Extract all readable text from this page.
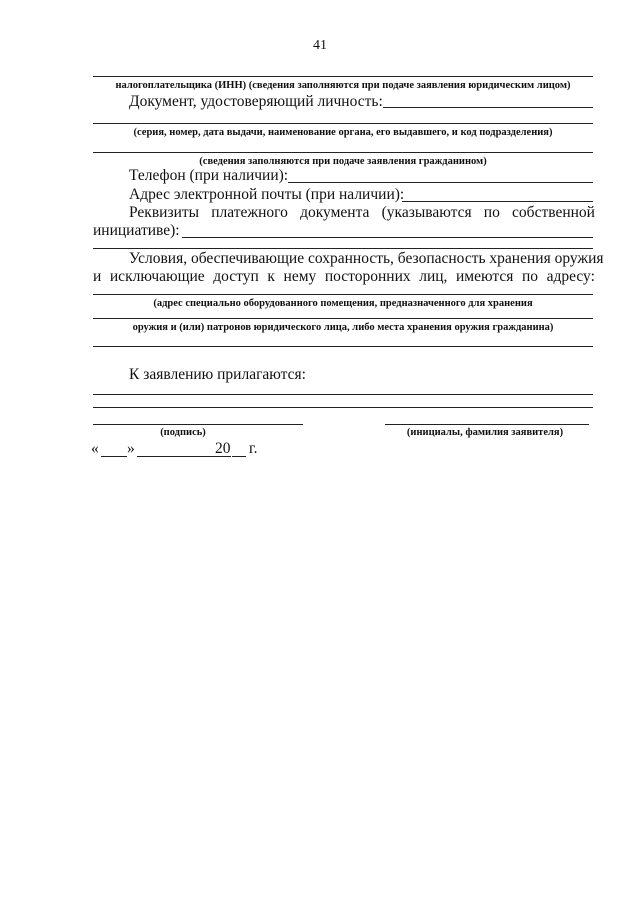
41
налогоплательщика (ИНН) (сведения заполняются при подаче заявления юридическим лицом)
Документ, удостоверяющий личность:
(серия, номер, дата выдачи, наименование органа, его выдавшего, и код подразделения)
(сведения заполняются при подаче заявления гражданином)
Телефон (при наличии):
Адрес электронной почты (при наличии):
Реквизиты платежного документа (указываются по собственной
инициативе):
Условия, обеспечивающие сохранность, безопасность хранения оружия
и исключающие доступ к нему посторонних лиц, имеются по адресу:
(адрес специально оборудованного помещения, предназначенного для хранения
оружия и (или) патронов юридического лица, либо места хранения оружия гражданина)
К заявлению прилагаются:
(подпись)	(инициалы, фамилия заявителя)
« »	20 г.
